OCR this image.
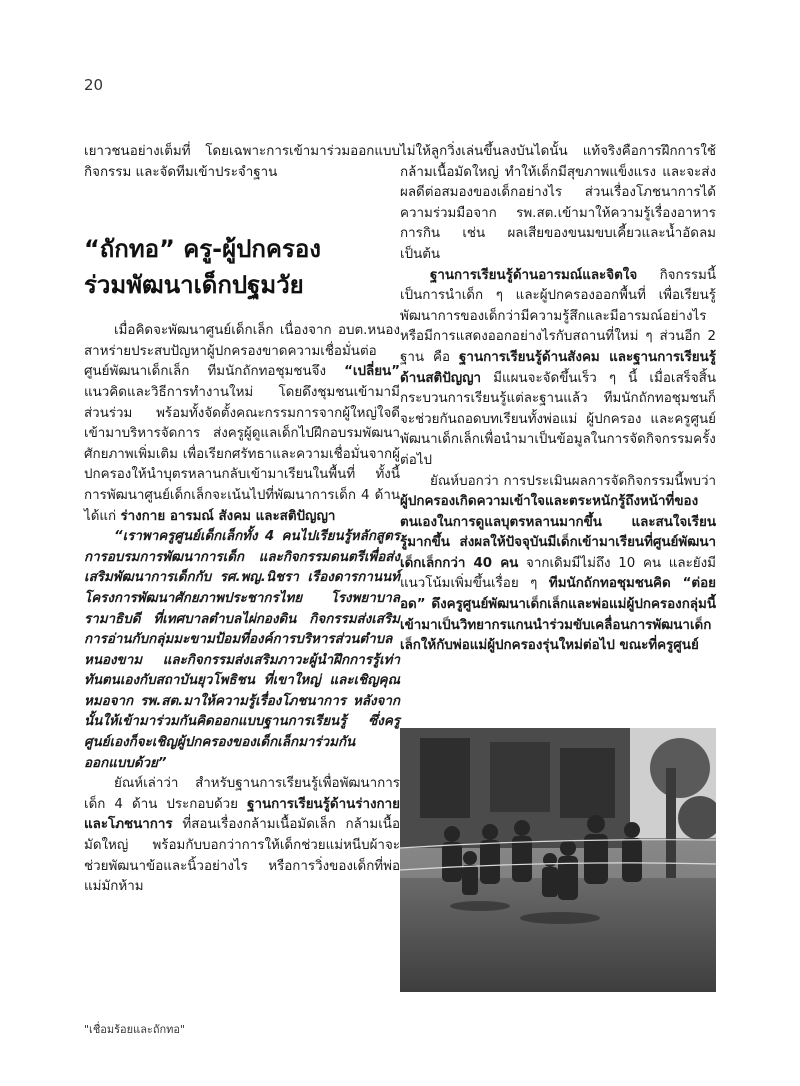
20

เยาวชนอย่างเต็มที่ โดยเฉพาะการเข้ามาร่วมออกแบบกิจกรรม และจัดทีมเข้าประจำฐาน

“ถักทอ” ครู-ผู้ปกครองร่วมพัฒนาเด็กปฐมวัย

เมื่อคิดจะพัฒนาศูนย์เด็กเล็ก เนื่องจาก อบต.หนองสาหร่ายประสบปัญหาผู้ปกครองขาดความเชื่อมั่นต่อศูนย์พัฒนาเด็กเล็ก ทีมนักถักทอชุมชนจึง “เปลี่ยน” แนวคิดและวิธีการทำงานใหม่ โดยดึงชุมชนเข้ามามีส่วนร่วม พร้อมทั้งจัดตั้งคณะกรรมการจากผู้ใหญ่ใจดีเข้ามาบริหารจัดการ ส่งครูผู้ดูแลเด็กไปฝึกอบรมพัฒนาศักยภาพเพิ่มเติม เพื่อเรียกศรัทธาและความเชื่อมั่นจากผู้ปกครองให้นำบุตรหลานกลับเข้ามาเรียนในพื้นที่ ทั้งนี้การพัฒนาศูนย์เด็กเล็กจะเน้นไปที่พัฒนาการเด็ก 4 ด้าน ได้แก่ ร่างกาย อารมณ์ สังคม และสติปัญญา

“เราพาครูศูนย์เด็กเล็กทั้ง 4 คนไปเรียนรู้หลักสูตรการอบรมการพัฒนาการเด็ก และกิจกรรมดนตรีเพื่อส่งเสริมพัฒนาการเด็กกับ รศ.พญ.นิชรา เรืองดารกานนท์ โครงการพัฒนาศักยภาพประชากรไทย โรงพยาบาลรามาธิบดี ที่เทศบาลตำบลไผ่กองดิน กิจกรรมส่งเสริมการอ่านกับกลุ่มมะขามป้อมที่องค์การบริหารส่วนตำบลหนองขาม และกิจกรรมส่งเสริมภาวะผู้นำฝึกการรู้เท่าทันตนเองกับสถาบันยุวโพธิชน ที่เขาใหญ่ และเชิญคุณหมอจาก รพ.สต.มาให้ความรู้เรื่องโภชนาการ หลังจากนั้นให้เข้ามาร่วมกันคิดออกแบบฐานการเรียนรู้ ซึ่งครูศูนย์เองก็จะเชิญผู้ปกครองของเด็กเล็กมาร่วมกันออกแบบด้วย”

ยัณห์เล่าว่า สำหรับฐานการเรียนรู้เพื่อพัฒนาการเด็ก 4 ด้าน ประกอบด้วย ฐานการเรียนรู้ด้านร่างกายและโภชนาการ ที่สอนเรื่องกล้ามเนื้อมัดเล็ก กล้ามเนื้อมัดใหญ่ พร้อมกับบอกว่าการให้เด็กช่วยแม่หนีบผ้าจะช่วยพัฒนาข้อและนิ้วอย่างไร หรือการวิ่งของเด็กที่พ่อแม่มักห้าม

ไม่ให้ลูกวิ่งเล่นขึ้นลงบันไดนั้น แท้จริงคือการฝึกการใช้กล้ามเนื้อมัดใหญ่ ทำให้เด็กมีสุขภาพแข็งแรง และจะส่งผลดีต่อสมองของเด็กอย่างไร ส่วนเรื่องโภชนาการได้ความร่วมมือจาก รพ.สต.เข้ามาให้ความรู้เรื่องอาหารการกิน เช่น ผลเสียของขนมขบเคี้ยวและน้ำอัดลม เป็นต้น

ฐานการเรียนรู้ด้านอารมณ์และจิตใจ กิจกรรมนี้เป็นการนำเด็ก ๆ และผู้ปกครองออกพื้นที่ เพื่อเรียนรู้พัฒนาการของเด็กว่ามีความรู้สึกและมีอารมณ์อย่างไร หรือมีการแสดงออกอย่างไรกับสถานที่ใหม่ ๆ ส่วนอีก 2 ฐาน คือ ฐานการเรียนรู้ด้านสังคม และฐานการเรียนรู้ด้านสติปัญญา มีแผนจะจัดขึ้นเร็ว ๆ นี้ เมื่อเสร็จสิ้นกระบวนการเรียนรู้แต่ละฐานแล้ว ทีมนักถักทอชุมชนก็จะช่วยกันถอดบทเรียนทั้งพ่อแม่ ผู้ปกครอง และครูศูนย์พัฒนาเด็กเล็กเพื่อนำมาเป็นข้อมูลในการจัดกิจกรรมครั้งต่อไป

ยัณห์บอกว่า การประเมินผลการจัดกิจกรรมนี้พบว่า ผู้ปกครองเกิดความเข้าใจและตระหนักรู้ถึงหน้าที่ของตนเองในการดูแลบุตรหลานมากขึ้น และสนใจเรียนรู้มากขึ้น ส่งผลให้ปัจจุบันมีเด็กเข้ามาเรียนที่ศูนย์พัฒนาเด็กเล็กกว่า 40 คน จากเดิมมีไม่ถึง 10 คน และยังมีแนวโน้มเพิ่มขึ้นเรื่อย ๆ ทีมนักถักทอชุมชนคิด “ต่อยอด” ดึงครูศูนย์พัฒนาเด็กเล็กและพ่อแม่ผู้ปกครองกลุ่มนี้เข้ามาเป็นวิทยากรแกนนำร่วมขับเคลื่อนการพัฒนาเด็กเล็กให้กับพ่อแม่ผู้ปกครองรุ่นใหม่ต่อไป ขณะที่ครูศูนย์

"เชื่อมร้อยและถักทอ"
